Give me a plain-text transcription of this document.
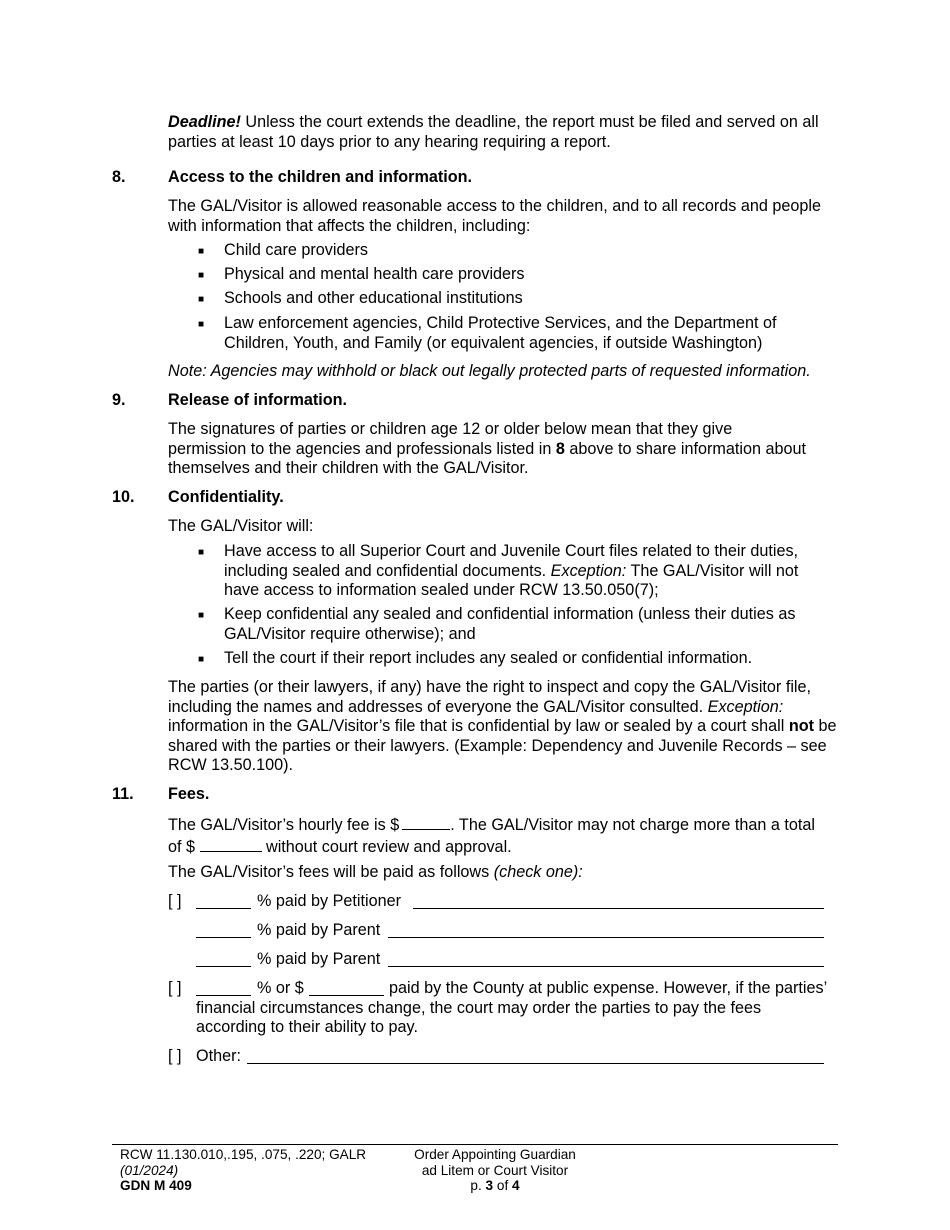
Deadline! Unless the court extends the deadline, the report must be filed and served on all parties at least 10 days prior to any hearing requiring a report.
8.	Access to the children and information.
The GAL/Visitor is allowed reasonable access to the children, and to all records and people with information that affects the children, including:
■ Child care providers
■ Physical and mental health care providers
■ Schools and other educational institutions
■ Law enforcement agencies, Child Protective Services, and the Department of Children, Youth, and Family (or equivalent agencies, if outside Washington)
Note: Agencies may withhold or black out legally protected parts of requested information.
9.	Release of information.
The signatures of parties or children age 12 or older below mean that they give permission to the agencies and professionals listed in 8 above to share information about themselves and their children with the GAL/Visitor.
10. Confidentiality.
The GAL/Visitor will:
■ Have access to all Superior Court and Juvenile Court files related to their duties, including sealed and confidential documents. Exception: The GAL/Visitor will not have access to information sealed under RCW 13.50.050(7);
■ Keep confidential any sealed and confidential information (unless their duties as GAL/Visitor require otherwise); and
■ Tell the court if their report includes any sealed or confidential information.
The parties (or their lawyers, if any) have the right to inspect and copy the GAL/Visitor file, including the names and addresses of everyone the GAL/Visitor consulted. Exception: information in the GAL/Visitor’s file that is confidential by law or sealed by a court shall not be shared with the parties or their lawyers. (Example: Dependency and Juvenile Records – see RCW 13.50.100).
11. Fees.
The GAL/Visitor’s hourly fee is $	. The GAL/Visitor may not charge more than a total of $	without court review and approval.
The GAL/Visitor’s fees will be paid as follows (check one):
[ ]	% paid by Petitioner
% paid by Parent
% paid by Parent
[ ]	% or $	paid by the County at public expense. However, if the parties’ financial circumstances change, the court may order the parties to pay the fees according to their ability to pay.
[ ] Other:
RCW 11.130.010,.195, .075, .220; GALR
(01/2024)
GDN M 409
Order Appointing Guardian
ad Litem or Court Visitor
p. 3 of 4
